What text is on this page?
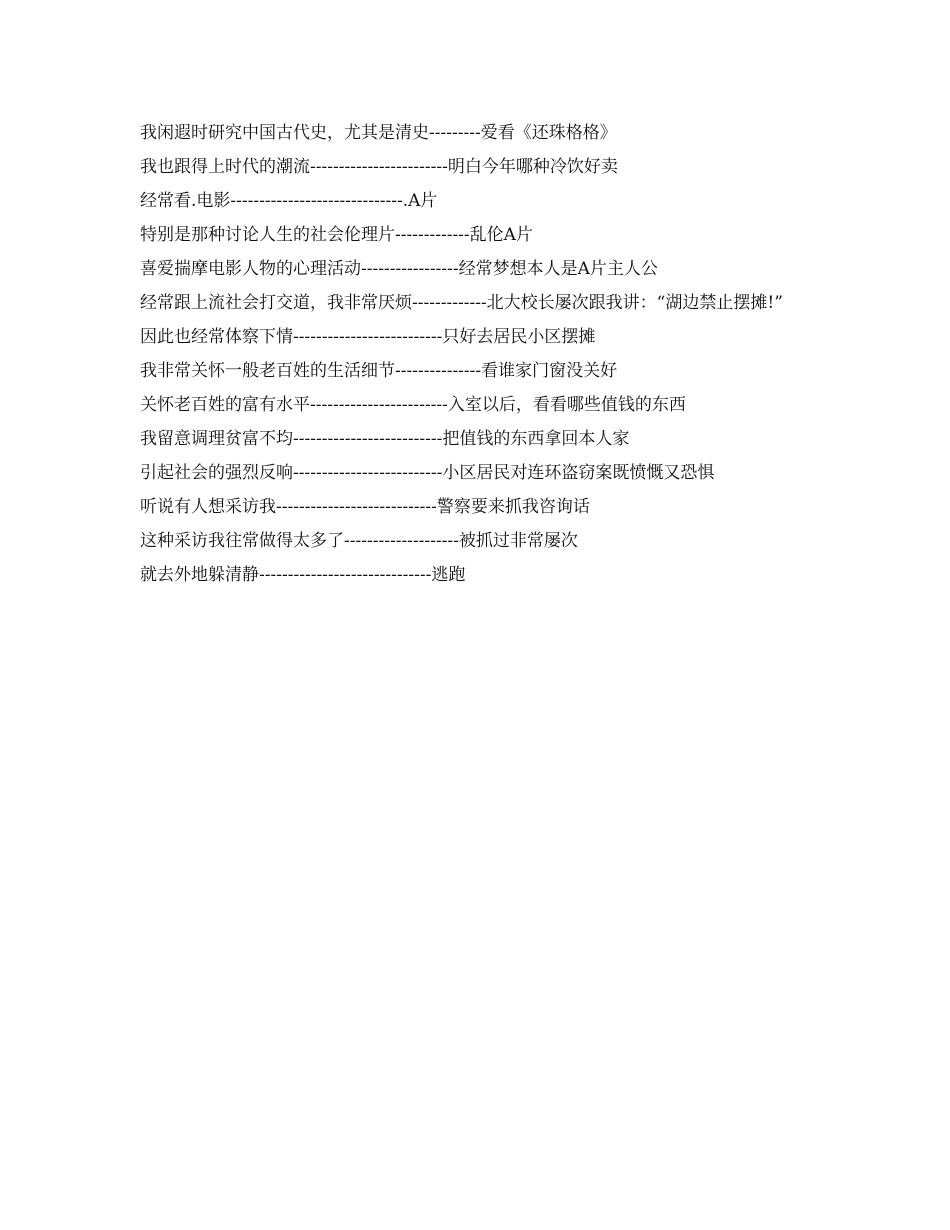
我闲遐时研究中国古代史，尤其是清史---------爱看《还珠格格》

我也跟得上时代的潮流------------------------明白今年哪种冷饮好卖

经常看.电影------------------------------.A片

特别是那种讨论人生的社会伦理片-------------乱伦A片

喜爱揣摩电影人物的心理活动-----------------经常梦想本人是A片主人公

经常跟上流社会打交道，我非常厌烦-------------北大校长屡次跟我讲：“湖边禁止摆摊!”

因此也经常体察下情--------------------------只好去居民小区摆摊

我非常关怀一般老百姓的生活细节---------------看谁家门窗没关好

关怀老百姓的富有水平------------------------入室以后，看看哪些值钱的东西

我留意调理贫富不均--------------------------把值钱的东西拿回本人家

引起社会的强烈反响--------------------------小区居民对连环盗窃案既愤慨又恐惧

听说有人想采访我----------------------------警察要来抓我咨询话

这种采访我往常做得太多了--------------------被抓过非常屡次

就去外地躲清静------------------------------逃跑
